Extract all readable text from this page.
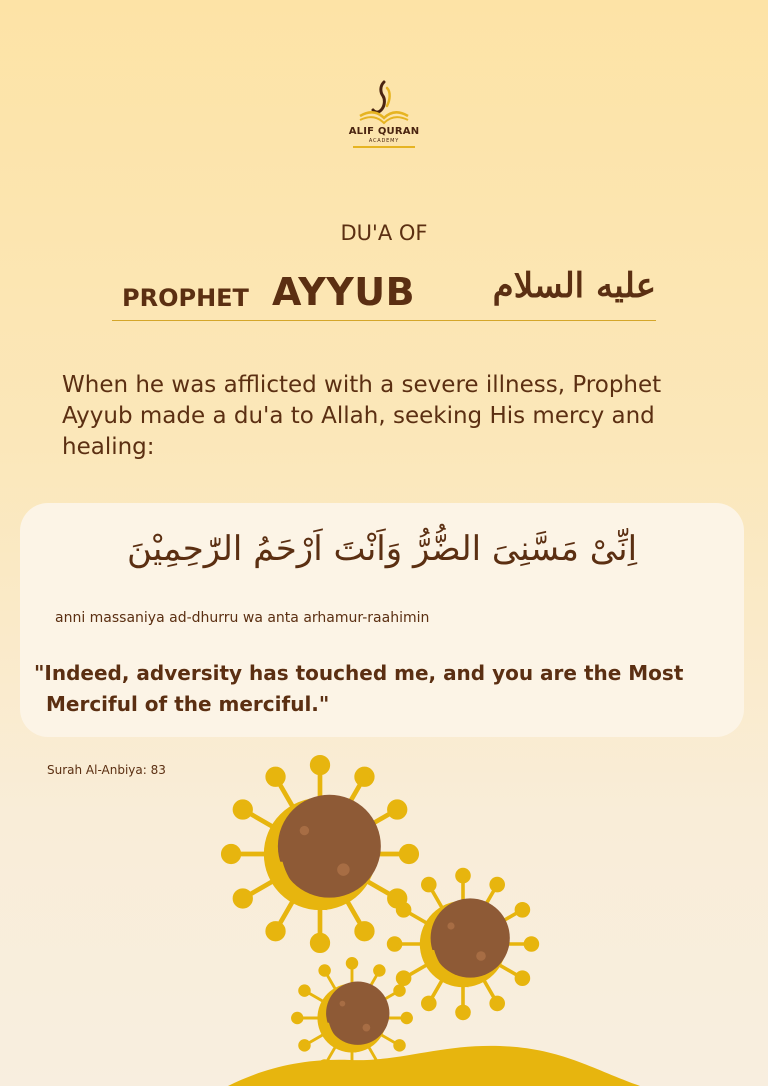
ALIF QURAN
ACADEMY
DU'A OF
PROPHET AYYUB	عليه السلام
When he was afflicted with a severe illness, Prophet Ayyub made a du'a to Allah, seeking His mercy and healing:
اِنِّیْ مَسَّنِیَ الضُّرُّ وَاَنْتَ اَرْحَمُ الرّٰحِمِیْنَ
anni massaniya ad-dhurru wa anta arhamur-raahimin
"Indeed, adversity has touched me, and you are the Most
Merciful of the merciful."
Surah Al-Anbiya: 83
